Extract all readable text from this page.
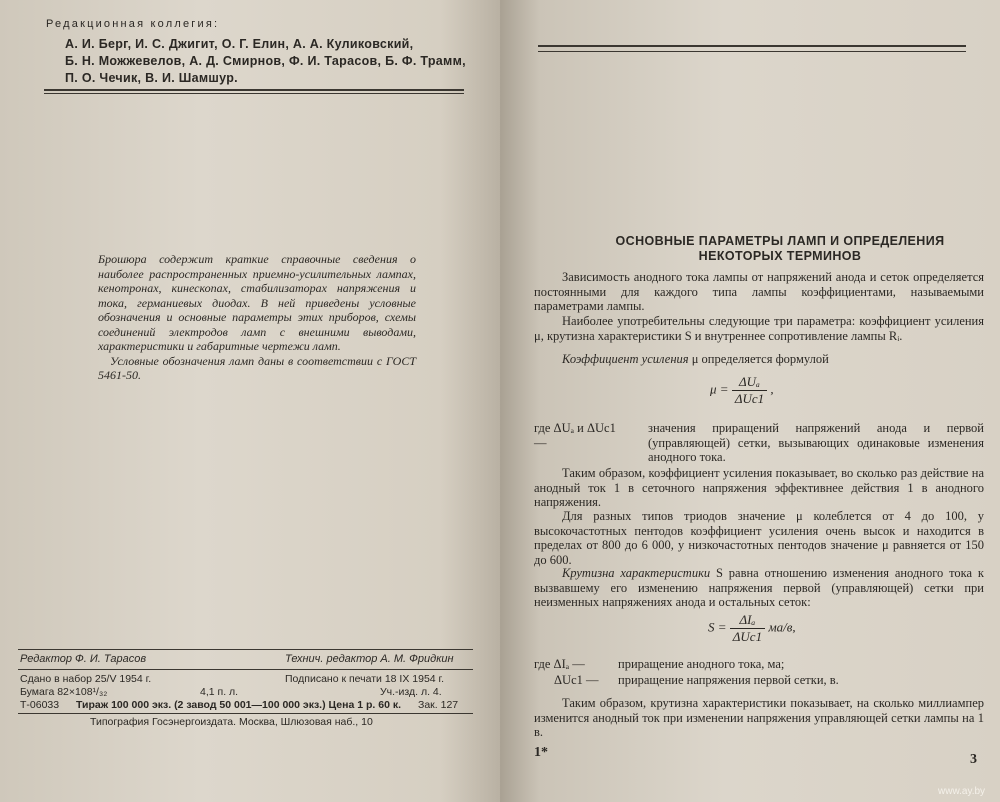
Редакционная коллегия:
А. И. Берг, И. С. Джигит, О. Г. Елин, А. А. Куликовский,
Б. Н. Можжевелов, А. Д. Смирнов, Ф. И. Тарасов, Б. Ф. Трамм,
П. О. Чечик, В. И. Шамшур.

Брошюра содержит краткие справочные сведения о наиболее распространенных приемно-усилительных лампах, кенотронах, кинескопах, стабилизаторах напряжения и тока, германиевых диодах. В ней приведены условные обозначения и основные параметры этих приборов, схемы соединений электродов ламп с внешними выводами, характеристики и габаритные чертежи ламп.

Условные обозначения ламп даны в соответствии с ГОСТ 5461-50.

Редактор Ф. И. Тарасов	Технич. редактор А. М. Фридкин
Сдано в набор 25/V 1954 г.	Подписано к печати 18 IX 1954 г.
Бумага 82×108¹/₃₂	4,1 п. л.	Уч.-изд. л. 4.
Т-06033 Тираж 100 000 экз. (2 завод 50 001—100 000 экз.) Цена 1 р. 60 к. Зак. 127
Типография Госэнергоиздата. Москва, Шлюзовая наб., 10
ОСНОВНЫЕ ПАРАМЕТРЫ ЛАМП И ОПРЕДЕЛЕНИЯ
НЕКОТОРЫХ ТЕРМИНОВ
Зависимость анодного тока лампы от напряжений анода и сеток определяется постоянными для каждого типа лампы коэффициентами, называемыми параметрами лампы.
Наиболее употребительны следующие три параметра: коэффициент усиления μ, крутизна характеристики S и внутреннее сопротивление лампы Rᵢ.
Коэффициент усиления μ определяется формулой
$\mu = \frac{\text{ΔUₐ}}{\text{ΔUc1}}$ ,
где ΔUₐ и ΔUc1 —
значения приращений напряжений анода и первой (управляющей) сетки, вызывающих одинаковые изменения анодного тока.
Таким образом, коэффициент усиления показывает, во сколько раз действие на анодный ток 1 в сеточного напряжения эффективнее действия 1 в анодного напряжения.
Для разных типов триодов значение μ колеблется от 4 до 100, у высокочастотных пентодов коэффициент усиления очень высок и находится в пределах от 800 до 6 000, у низкочастотных пентодов значение μ равняется от 150 до 600.
Крутизна характеристики S равна отношению изменения анодного тока к вызвавшему его изменению напряжения первой (управляющей) сетки при неизменных напряжениях анода и остальных сеток:
$S = \frac{\text{ΔIₐ}}{\text{ΔUc1}} ма/в$,
где ΔIₐ —	приращение анодного тока, ма;
ΔUc1 —	приращение напряжения первой сетки, в.
Таким образом, крутизна характеристики показывает, на сколько миллиампер изменится анодный ток при изменении напряжения управляющей сетки лампы на 1 в.
1*	3
www.ay.by
